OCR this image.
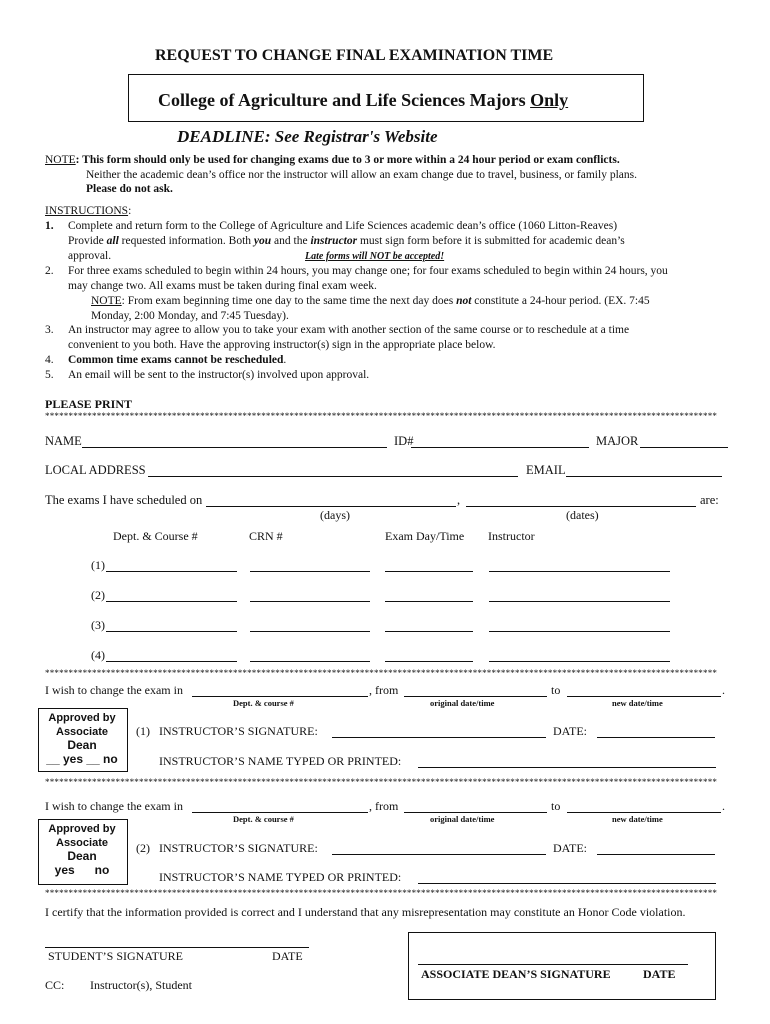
REQUEST TO CHANGE FINAL EXAMINATION TIME
College of Agriculture and Life Sciences Majors Only
DEADLINE: See Registrar's Website
NOTE: This form should only be used for changing exams due to 3 or more within a 24 hour period or exam conflicts.
Neither the academic dean’s office nor the instructor will allow an exam change due to travel, business, or family plans.
Please do not ask.
INSTRUCTIONS:
1. Complete and return form to the College of Agriculture and Life Sciences academic dean’s office (1060 Litton-Reaves)
Provide all requested information. Both you and the instructor must sign form before it is submitted for academic dean’s
approval.	Late forms will NOT be accepted!
2. For three exams scheduled to begin within 24 hours, you may change one; for four exams scheduled to begin within 24 hours, you
may change two. All exams must be taken during final exam week.
NOTE: From exam beginning time one day to the same time the next day does not constitute a 24-hour period. (EX. 7:45
Monday, 2:00 Monday, and 7:45 Tuesday).
3. An instructor may agree to allow you to take your exam with another section of the same course or to reschedule at a time
convenient to you both. Have the approving instructor(s) sign in the appropriate place below.
4. Common time exams cannot be rescheduled.
5. An email will be sent to the instructor(s) involved upon approval.
PLEASE PRINT
***********************************************************************************************************************************************
NAME	ID#	MAJOR
LOCAL ADDRESS	EMAIL
The exams I have scheduled on	,	are:
(days)	(dates)
Dept. & Course #	CRN #	Exam Day/Time Instructor
(1)
(2)
(3)
(4)
***********************************************************************************************************************************************
I wish to change the exam in	, from	to	.
Dept. & course #	original date/time	new date/time
Approved by
Associate
Dean
__ yes __ no
(1) INSTRUCTOR’S SIGNATURE:	DATE:
INSTRUCTOR’S NAME TYPED OR PRINTED:
***********************************************************************************************************************************************
I wish to change the exam in	, from	to	.
Dept. & course #	original date/time	new date/time
Approved by
Associate
Dean
yes      no
(2) INSTRUCTOR’S SIGNATURE:	DATE:
INSTRUCTOR’S NAME TYPED OR PRINTED:
***********************************************************************************************************************************************
I certify that the information provided is correct and I understand that any misrepresentation may constitute an Honor Code violation.
STUDENT’S SIGNATURE	DATE
CC: Instructor(s), Student
ASSOCIATE DEAN’S SIGNATURE	DATE
